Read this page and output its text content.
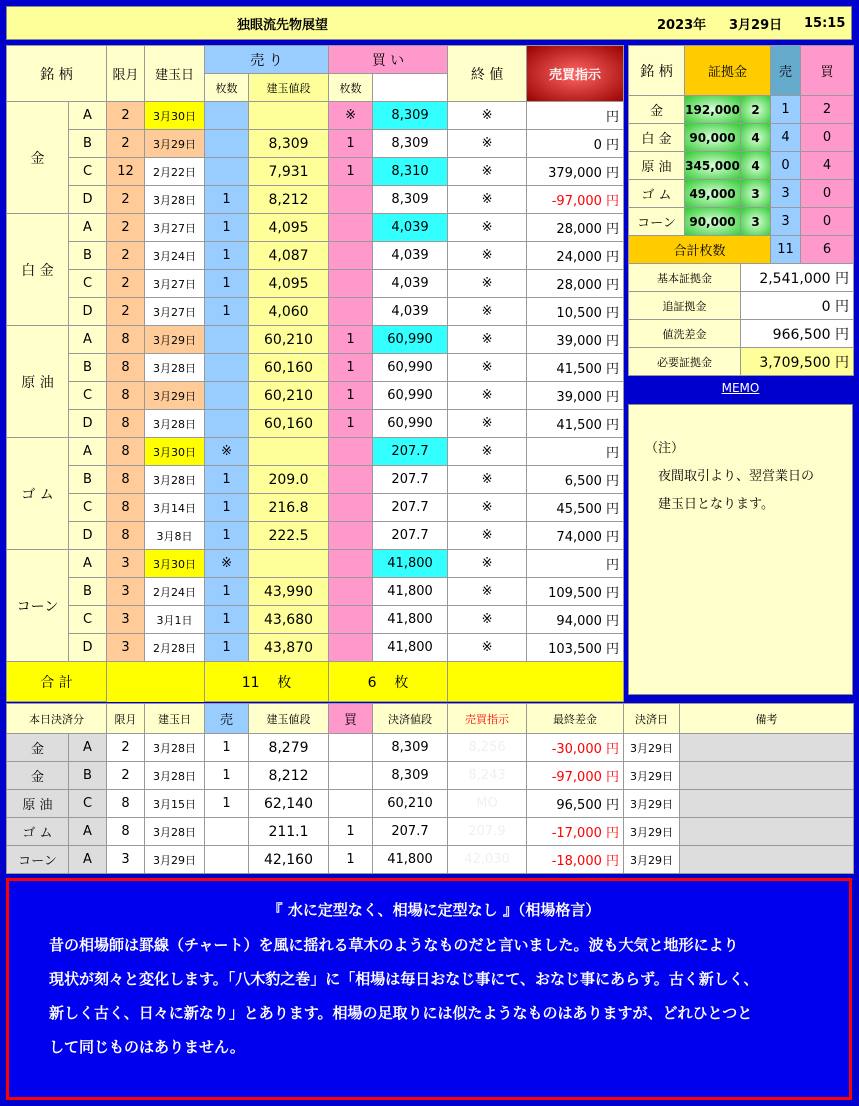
独眼流先物展望	2023年 3月29日 15:15
銘 柄		限月	建玉日	売 り		買 い		終 値	売買指示	
				枚数	建玉値段	枚数				
金	A	2	3月30日			※	8,309	※	円	
	B	2	3月29日		8,309	1	8,309	※	0 円	
	C	12	2月22日		7,931	1	8,310	※	379,000 円	
	D	2	3月28日	1	8,212		8,309	※	-97,000 円	
白 金	A	2	3月27日	1	4,095		4,039	※	28,000 円	
	B	2	3月24日	1	4,087		4,039	※	24,000 円	
	C	2	3月27日	1	4,095		4,039	※	28,000 円	
	D	2	3月27日	1	4,060		4,039	※	10,500 円	
原 油	A	8	3月29日		60,210	1	60,990	※	39,000 円	
	B	8	3月28日		60,160	1	60,990	※	41,500 円	
	C	8	3月29日		60,210	1	60,990	※	39,000 円	
	D	8	3月28日		60,160	1	60,990	※	41,500 円	
ゴ ム	A	8	3月30日	※			207.7	※	円	
	B	8	3月28日	1	209.0		207.7	※	6,500 円	
	C	8	3月14日	1	216.8		207.7	※	45,500 円	
	D	8	3月8日	1	222.5		207.7	※	74,000 円	
コーン	A	3	3月30日	※			41,800	※	円	
	B	3	2月24日	1	43,990		41,800	※	109,500 円	
	C	3	3月1日	1	43,680		41,800	※	94,000 円	
	D	3	2月28日	1	43,870		41,800	※	103,500 円	
合 計				11 枚		6 枚		
銘 柄	証拠金		売	買
金	192,000	2	1	2
白 金	90,000	4	4	0
原 油	345,000	4	0	4
ゴ ム	49,000	3	3	0
コーン	90,000	3	3	0
合計枚数			11	6
基本証拠金		2,541,000 円		
追証拠金		0 円		
値洗差金		966,500 円		
必要証拠金		3,709,500 円		
MEMO
（注）
　夜間取引より、翌営業日の
　建玉日となります。
本日決済分		限月	建玉日	売	建玉値段	買	決済値段	売買指示	最終差金	決済日	備考
金	A	2	3月28日	1	8,279		8,309	8,256	-30,000 円	3月29日	
金	B	2	3月28日	1	8,212		8,309	8,243	-97,000 円	3月29日	
原 油	C	8	3月15日	1	62,140		60,210	MO	96,500 円	3月29日	
ゴ ム	A	8	3月28日		211.1	1	207.7	207.9	-17,000 円	3月29日	
コーン	A	3	3月29日		42,160	1	41,800	42,030	-18,000 円	3月29日	
『 水に定型なく、相場に定型なし 』（相場格言）

昔の相場師は罫線（チャート）を風に揺れる草木のようなものだと言いました。波も大気と地形により

現状が刻々と変化します。「八木豹之巻」に「相場は毎日おなじ事にて、おなじ事にあらず。古く新しく、

新しく古く、日々に新なり」とあります。相場の足取りには似たようなものはありますが、どれひとつと

して同じものはありません。
